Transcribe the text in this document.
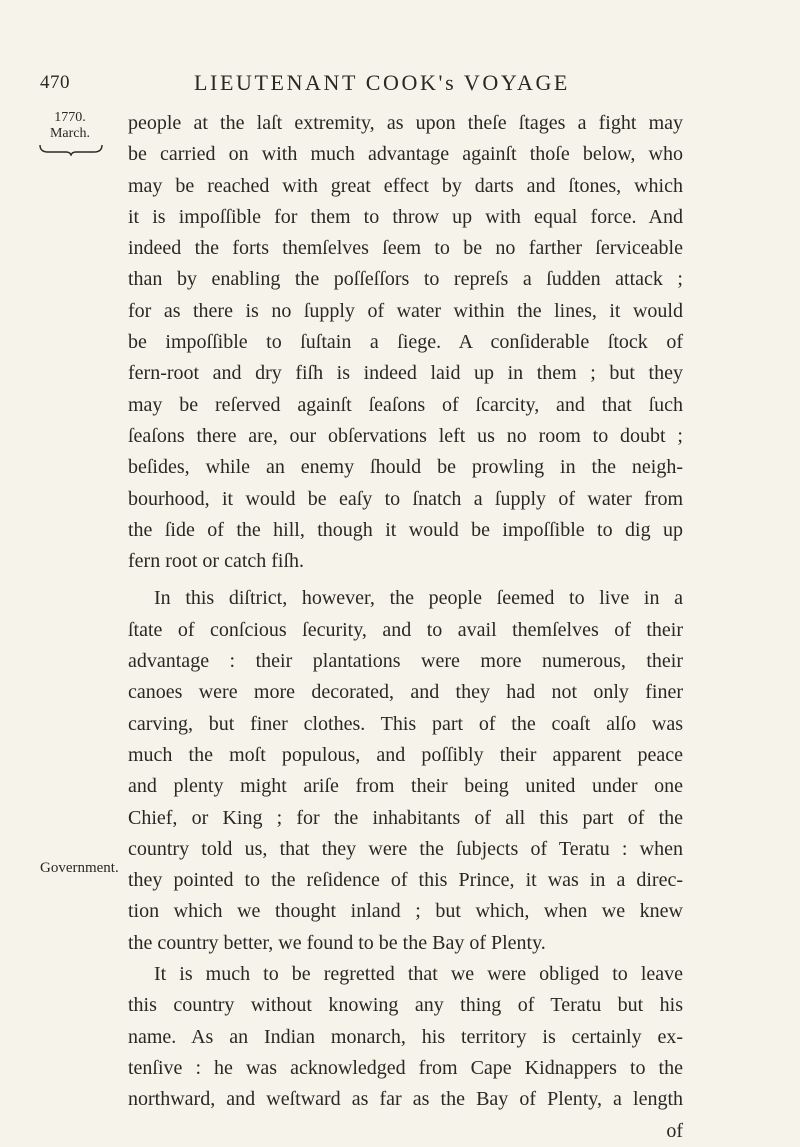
470	LIEUTENANT COOK's VOYAGE
1770.
March.
Government.
people at the laſt extremity, as upon theſe ſtages a fight may
be carried on with much advantage againſt thoſe below, who
may be reached with great effect by darts and ſtones, which
it is impoſſible for them to throw up with equal force. And
indeed the forts themſelves ſeem to be no farther ſerviceable
than by enabling the poſſeſſors to repreſs a ſudden attack ;
for as there is no ſupply of water within the lines, it would
be impoſſible to ſuſtain a ſiege. A conſiderable ſtock of
fern-root and dry fiſh is indeed laid up in them ; but they
may be reſerved againſt ſeaſons of ſcarcity, and that ſuch
ſeaſons there are, our obſervations left us no room to doubt ;
beſides, while an enemy ſhould be prowling in the neigh-
bourhood, it would be eaſy to ſnatch a ſupply of water from
the ſide of the hill, though it would be impoſſible to dig up
fern root or catch fiſh.
In this diſtrict, however, the people ſeemed to live in a
ſtate of conſcious ſecurity, and to avail themſelves of their
advantage : their plantations were more numerous, their
canoes were more decorated, and they had not only finer
carving, but finer clothes. This part of the coaſt alſo was
much the moſt populous, and poſſibly their apparent peace
and plenty might ariſe from their being united under one
Chief, or King ; for the inhabitants of all this part of the
country told us, that they were the ſubjects of Teratu : when
they pointed to the reſidence of this Prince, it was in a direc-
tion which we thought inland ; but which, when we knew
the country better, we found to be the Bay of Plenty.
It is much to be regretted that we were obliged to leave
this country without knowing any thing of Teratu but his
name. As an Indian monarch, his territory is certainly ex-
tenſive : he was acknowledged from Cape Kidnappers to the
northward, and weſtward as far as the Bay of Plenty, a length
of
